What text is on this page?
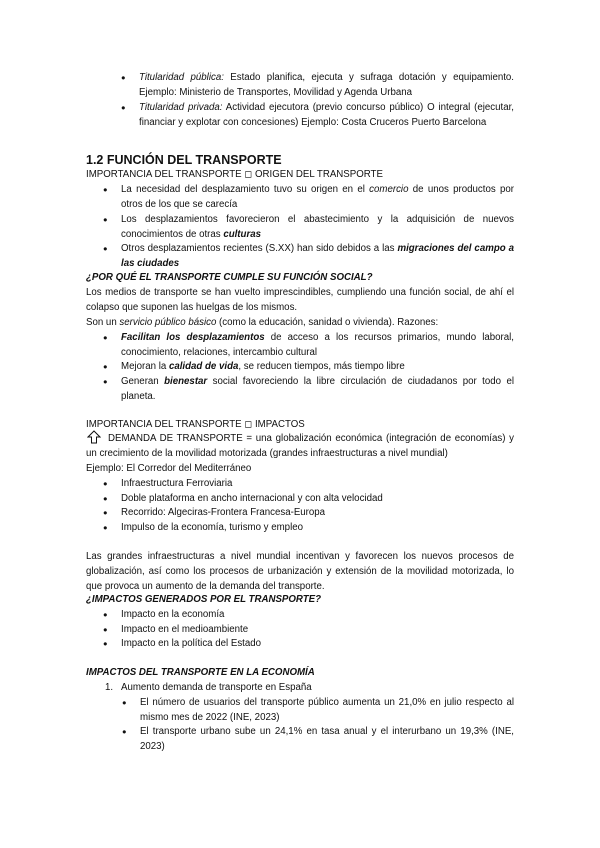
● Titularidad pública: Estado planifica, ejecuta y sufraga dotación y equipamiento. Ejemplo: Ministerio de Transportes, Movilidad y Agenda Urbana

● Titularidad privada: Actividad ejecutora (previo concurso público) O integral (ejecutar, financiar y explotar con concesiones) Ejemplo: Costa Cruceros Puerto Barcelona

1.2 FUNCIÓN DEL TRANSPORTE
IMPORTANCIA DEL TRANSPORTE ◻ ORIGEN DEL TRANSPORTE

● La necesidad del desplazamiento tuvo su origen en el comercio de unos productos por otros de los que se carecía

● Los desplazamientos favorecieron el abastecimiento y la adquisición de nuevos conocimientos de otras culturas

● Otros desplazamientos recientes (S.XX) han sido debidos a las migraciones del campo a las ciudades

¿POR QUÉ EL TRANSPORTE CUMPLE SU FUNCIÓN SOCIAL?

Los medios de transporte se han vuelto imprescindibles, cumpliendo una función social, de ahí el colapso que suponen las huelgas de los mismos.

Son un servicio público básico (como la educación, sanidad o vivienda). Razones:

● Facilitan los desplazamientos de acceso a los recursos primarios, mundo laboral, conocimiento, relaciones, intercambio cultural

● Mejoran la calidad de vida, se reducen tiempos, más tiempo libre

● Generan bienestar social favoreciendo la libre circulación de ciudadanos por todo el planeta.

IMPORTANCIA DEL TRANSPORTE ◻ IMPACTOS

DEMANDA DE TRANSPORTE = una globalización económica (integración de economías) y un crecimiento de la movilidad motorizada (grandes infraestructuras a nivel mundial)

Ejemplo: El Corredor del Mediterráneo
● Infraestructura Ferroviaria
● Doble plataforma en ancho internacional y con alta velocidad
● Recorrido: Algeciras-Frontera Francesa-Europa
● Impulso de la economía, turismo y empleo

Las grandes infraestructuras a nivel mundial incentivan y favorecen los nuevos procesos de globalización, así como los procesos de urbanización y extensión de la movilidad motorizada, lo que provoca un aumento de la demanda del transporte.

¿IMPACTOS GENERADOS POR EL TRANSPORTE?
● Impacto en la economía
● Impacto en el medioambiente
● Impacto en la política del Estado
IMPACTOS DEL TRANSPORTE EN LA ECONOMÍA
1. Aumento demanda de transporte en España

● El número de usuarios del transporte público aumenta un 21,0% en julio respecto al mismo mes de 2022 (INE, 2023)

● El transporte urbano sube un 24,1% en tasa anual y el interurbano un 19,3% (INE, 2023)
